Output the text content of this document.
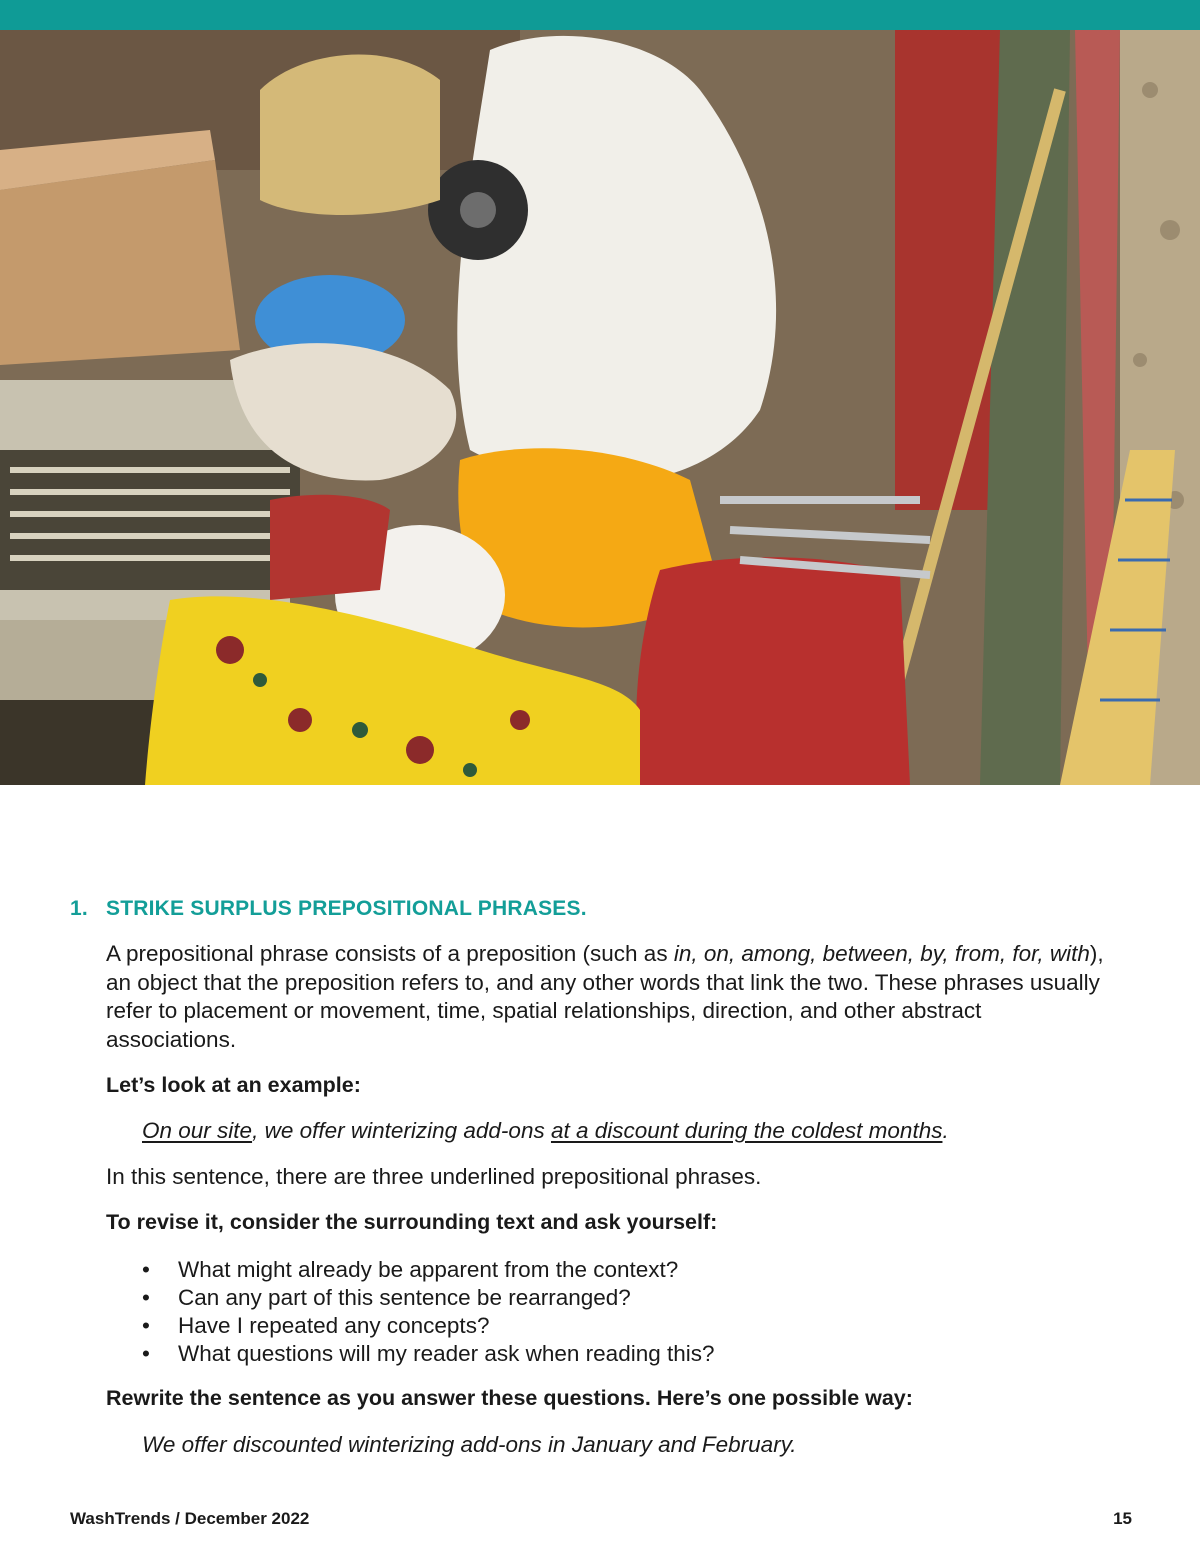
1. STRIKE SURPLUS PREPOSITIONAL PHRASES.
A prepositional phrase consists of a preposition (such as in, on, among, between, by, from, for, with), an object that the preposition refers to, and any other words that link the two. These phrases usually refer to placement or movement, time, spatial relationships, direction, and other abstract associations.
Let’s look at an example:
On our site, we offer winterizing add-ons at a discount during the coldest months.
In this sentence, there are three underlined prepositional phrases.
To revise it, consider the surrounding text and ask yourself:
• What might already be apparent from the context?
• Can any part of this sentence be rearranged?
• Have I repeated any concepts?
• What questions will my reader ask when reading this?
Rewrite the sentence as you answer these questions. Here’s one possible way:
We offer discounted winterizing add-ons in January and February.
WashTrends / December 2022	15
